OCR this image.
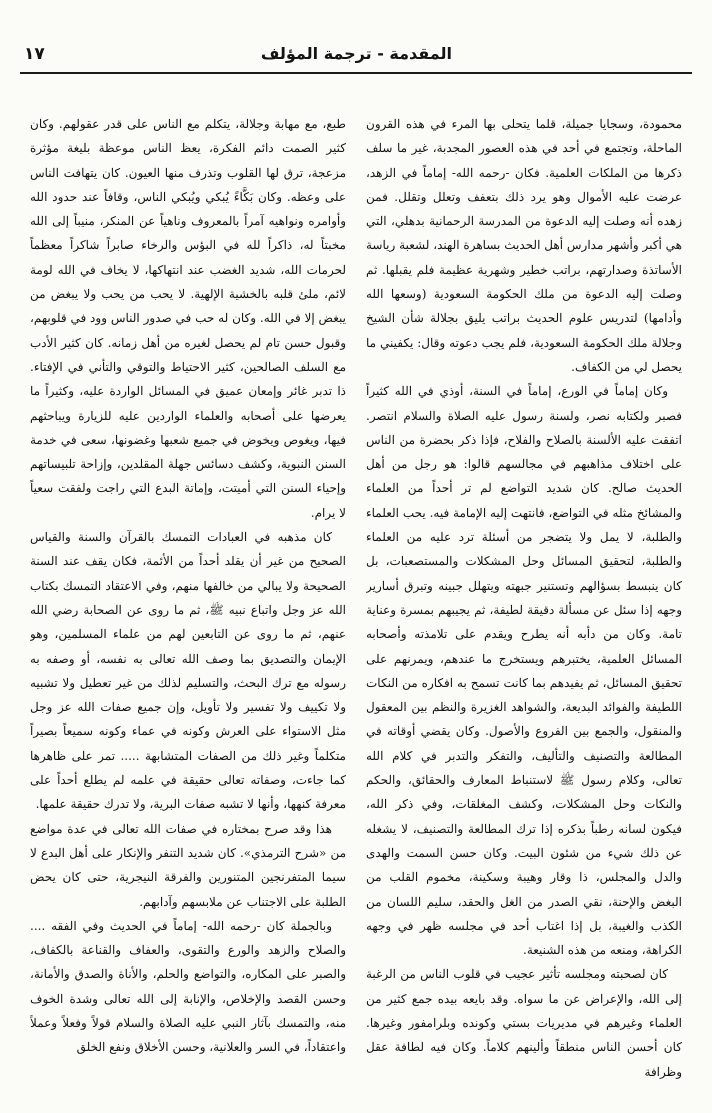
المقدمة - ترجمة المؤلف
١٧

محمودة، وسجايا جميلة، قلما يتحلى بها المرء في هذه القرون الماحلة، وتجتمع في أحد في هذه العصور المجدبة، غير ما سلف ذكرها من الملكات العلمية. فكان -رحمه الله- إماماً في الزهد، عرضت عليه الأموال وهو يرد ذلك بتعفف وتعلل وتقلل. فمن زهده أنه وصلت إليه الدعوة من المدرسة الرحمانية بدهلي، التي هي أكبر وأشهر مدارس أهل الحديث بساهرة الهند، لشعبة رياسة الأساتذة وصدارتهم، براتب خطير وشهرية عظيمة فلم يقبلها. ثم وصلت إليه الدعوة من ملك الحكومة السعودية (وسعها الله وأدامها) لتدريس علوم الحديث براتب يليق بجلالة شأن الشيخ وجلالة ملك الحكومة السعودية، فلم يجب دعوته وقال: يكفيني ما يحصل لي من الكفاف.

وكان إماماً في الورع، إماماً في السنة، أوذي في الله كثيراً فصبر ولكتابه نصر، ولسنة رسول عليه الصلاة والسلام انتصر. اتفقت عليه الألسنة بالصلاح والفلاح، فإذا ذكر بحضرة من الناس على اختلاف مذاهبهم في مجالسهم قالوا: هو رجل من أهل الحديث صالح. كان شديد التواضع لم تر أحداً من العلماء والمشائخ مثله في التواضع، فانتهت إليه الإمامة فيه. يحب العلماء والطلبة، لا يمل ولا يتضجر من أسئلة ترد عليه من العلماء والطلبة، لتحقيق المسائل وحل المشكلات والمستصعبات، بل كان ينبسط بسؤالهم وتستنير جبهته ويتهلل جبينه وتبرق أسارير وجهه إذا سئل عن مسألة دقيقة لطيفة، ثم يجيبهم بمسرة وعناية تامة. وكان من دأبه أنه يطرح ويقدم على تلامذته وأصحابه المسائل العلمية، يختبرهم ويستخرج ما عندهم، ويمرنهم على تحقيق المسائل، ثم يفيدهم بما كانت تسمح به افكاره من النكات اللطيفة والفوائد البديعة، والشواهد الغزيرة والنظم بين المعقول والمنقول، والجمع بين الفروع والأصول. وكان يقضي أوقاته في المطالعة والتصنيف والتأليف، والتفكر والتدبر في كلام الله تعالى، وكلام رسول ﷺ لاستنباط المعارف والحقائق، والحكم والنكات وحل المشكلات، وكشف المغلقات، وفي ذكر الله، فيكون لسانه رطباً بذكره إذا ترك المطالعة والتصنيف، لا يشغله عن ذلك شيء من شئون البيت. وكان حسن السمت والهدى والدل والمجلس، ذا وقار وهيبة وسكينة، مخموم القلب من البغض والإحنة، نقي الصدر من الغل والحقد، سليم اللسان من الكذب والغيبة، بل إذا اغتاب أحد في مجلسه ظهر في وجهه الكراهة، ومنعه من هذه الشنيعة.

كان لصحبته ومجلسه تأثير عجيب في قلوب الناس من الرغبة إلى الله، والإعراض عن ما سواه. وقد بايعه بيده جمع كثير من العلماء وغيرهم في مديريات بستي وكونده وبلرامفور وغيرها. كان أحسن الناس منطقاً وألينهم كلاماً. وكان فيه لطافة عقل وظرافة

طبع، مع مهابة وجلالة، يتكلم مع الناس على قدر عقولهم. وكان كثير الصمت دائم الفكرة، يعظ الناس موعظة بليغة مؤثرة مزعجة، ترق لها القلوب وتذرف منها العيون. كان يتهافت الناس على وعظه. وكان بَكَّاءً يُبكي ويُبكي الناس، وقافاً عند حدود الله وأوامره ونواهيه آمراً بالمعروف وناهياً عن المنكر، منيباً إلى الله مخبتاً له، ذاكراً لله في البؤس والرخاء صابراً شاكراً معظماً لحرمات الله، شديد الغضب عند انتهاكها، لا يخاف في الله لومة لائم، ملئ قلبه بالخشية الإلهية. لا يحب من يحب ولا يبغض من يبغض إلا في الله. وكان له حب في صدور الناس وود في قلوبهم، وقبول حسن تام لم يحصل لغيره من أهل زمانه. كان كثير الأدب مع السلف الصالحين، كثير الاحتياط والتوقي والتأني في الإفتاء. ذا تدبر غائر وإمعان عميق في المسائل الواردة عليه، وكثيراً ما يعرضها على أصحابه والعلماء الواردين عليه للزيارة ويباحثهم فيها، ويغوص ويخوض في جميع شعبها وغضونها، سعى في خدمة السنن النبوية، وكشف دسائس جهلة المقلدين، وإزاحة تلبيساتهم وإحياء السنن التي أميتت، وإماتة البدع التي راجت ولفقت سعياً لا يرام.

كان مذهبه في العبادات التمسك بالقرآن والسنة والقياس الصحيح من غير أن يقلد أحداً من الأئمة، فكان يقف عند السنة الصحيحة ولا يبالي من خالفها منهم، وفي الاعتقاد التمسك بكتاب الله عز وجل واتباع نبيه ﷺ، ثم ما روى عن الصحابة رضي الله عنهم، ثم ما روى عن التابعين لهم من علماء المسلمين، وهو الإيمان والتصديق بما وصف الله تعالى به نفسه، أو وصفه به رسوله مع ترك البحث، والتسليم لذلك من غير تعطيل ولا تشبيه ولا تكييف ولا تفسير ولا تأويل، وإن جميع صفات الله عز وجل مثل الاستواء على العرش وكونه في عماء وكونه سميعاً بصيراً متكلماً وغير ذلك من الصفات المتشابهة ..... تمر على ظاهرها كما جاءت، وصفاته تعالى حقيقة في علمه لم يطلع أحداً على معرفة كنهها، وأنها لا تشبه صفات البرية، ولا تدرك حقيقة علمها.

هذا وقد صرح بمختاره في صفات الله تعالى في عدة مواضع من «شرح الترمذي». كان شديد التنفر والإنكار على أهل البدع لا سيما المتفرنجين المتنورين والفرقة النيجرية، حتى كان يحض الطلبة على الاجتناب عن ملابسهم وآدابهم.

وبالجملة كان -رحمه الله- إماماً في الحديث وفي الفقه .... والصلاح والزهد والورع والتقوى، والعفاف والقناعة بالكفاف، والصبر على المكاره، والتواضع والحلم، والأناة والصدق والأمانة، وحسن القصد والإخلاص، والإنابة إلى الله تعالى وشدة الخوف منه، والتمسك بآثار النبي عليه الصلاة والسلام قولاً وفعلاً وعملاً واعتقاداً، في السر والعلانية، وحسن الأخلاق ونفع الخلق
